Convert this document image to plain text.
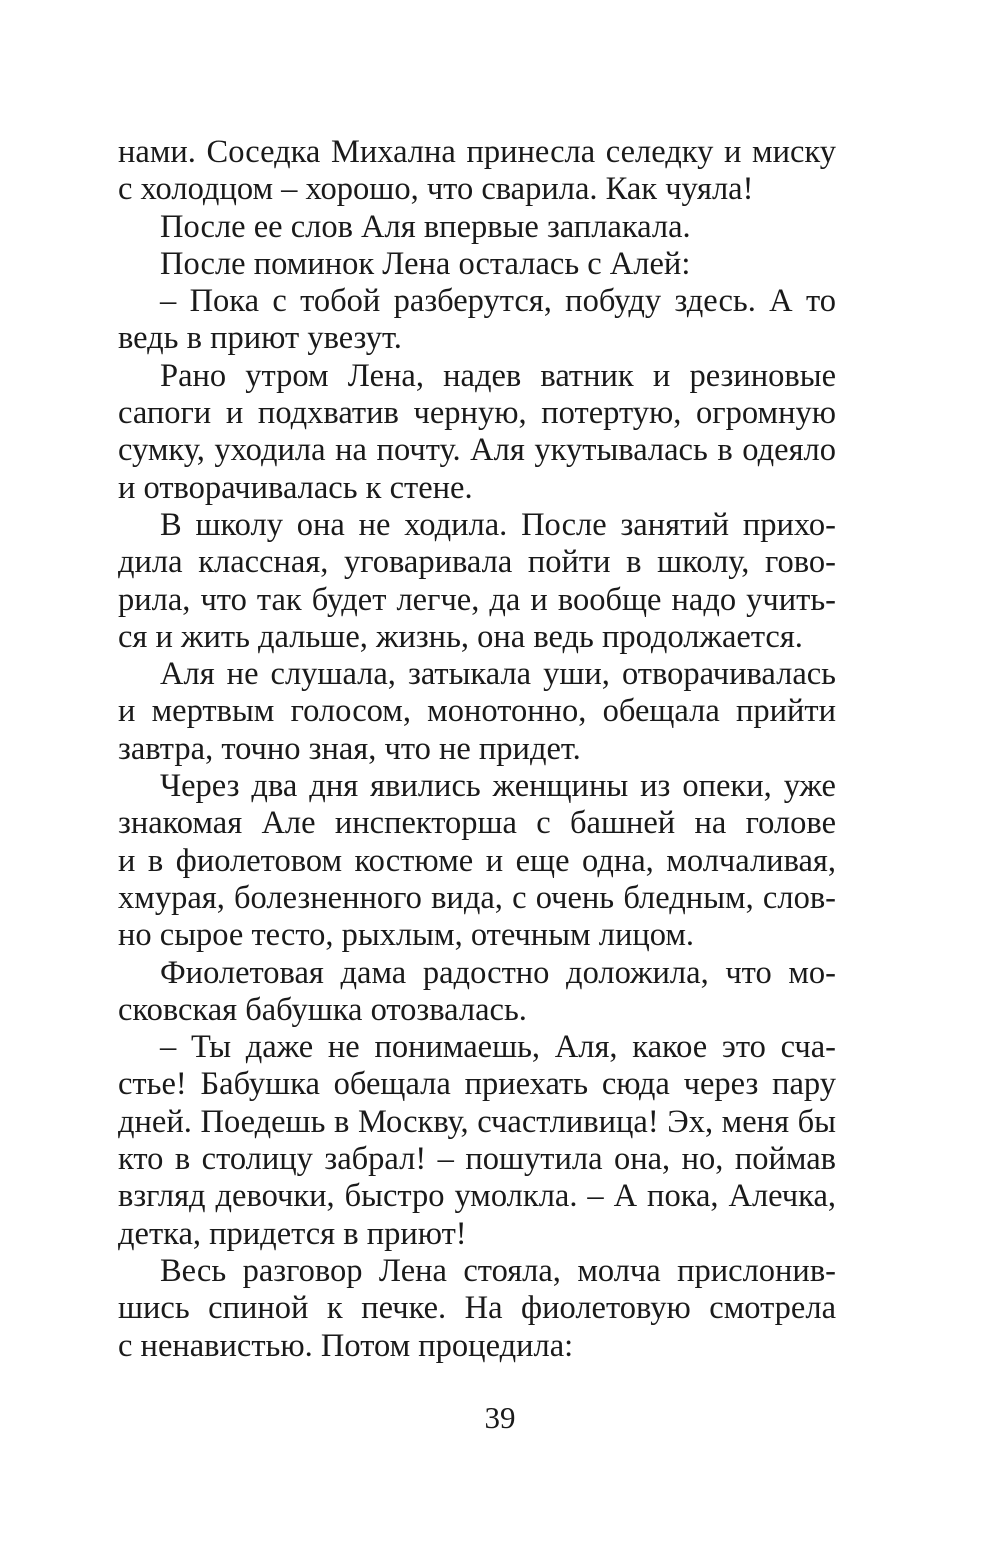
нами. Соседка Михална принесла селедку и миску
с холодцом – хорошо, что сварила. Как чуяла!
После ее слов Аля впервые заплакала.
После поминок Лена осталась с Алей:
– Пока с тобой разберутся, побуду здесь. А то
ведь в приют увезут.
Рано утром Лена, надев ватник и резиновые
сапоги и подхватив черную, потертую, огромную
сумку, уходила на почту. Аля укутывалась в одеяло
и отворачивалась к стене.
В школу она не ходила. После занятий прихо-
дила классная, уговаривала пойти в школу, гово-
рила, что так будет легче, да и вообще надо учить-
ся и жить дальше, жизнь, она ведь продолжается.
Аля не слушала, затыкала уши, отворачивалась
и мертвым голосом, монотонно, обещала прийти
завтра, точно зная, что не придет.
Через два дня явились женщины из опеки, уже
знакомая Але инспекторша с башней на голове
и в фиолетовом костюме и еще одна, молчаливая,
хмурая, болезненного вида, с очень бледным, слов-
но сырое тесто, рыхлым, отечным лицом.
Фиолетовая дама радостно доложила, что мо-
сковская бабушка отозвалась.
– Ты даже не понимаешь, Аля, какое это сча-
стье! Бабушка обещала приехать сюда через пару
дней. Поедешь в Москву, счастливица! Эх, меня бы
кто в столицу забрал! – пошутила она, но, поймав
взгляд девочки, быстро умолкла. – А пока, Алечка,
детка, придется в приют!
Весь разговор Лена стояла, молча прислонив-
шись спиной к печке. На фиолетовую смотрела
с ненавистью. Потом процедила:
39
